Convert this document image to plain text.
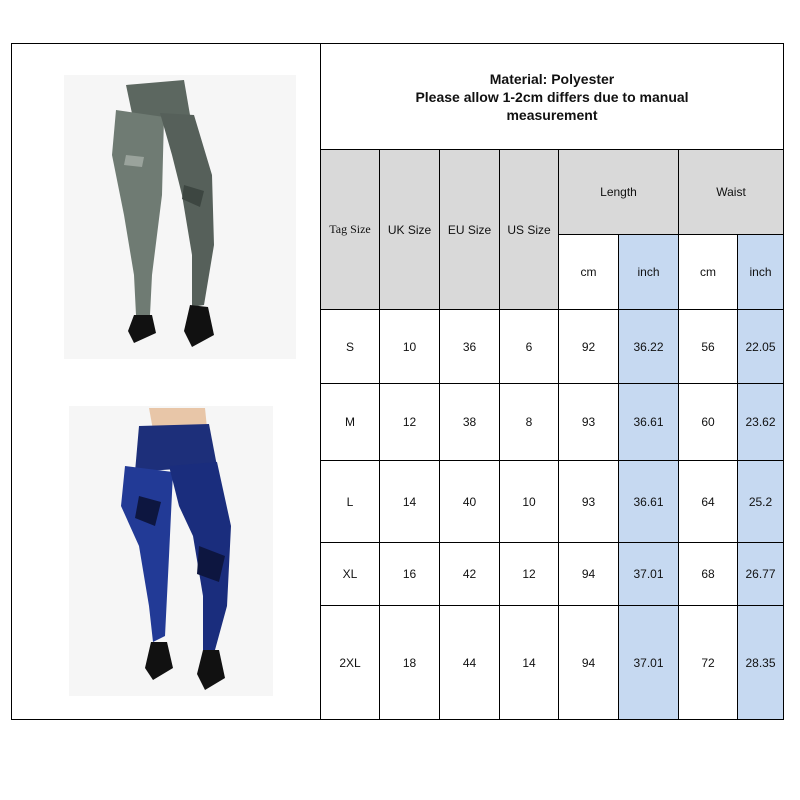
Material: Polyester
Please allow 1-2cm differs due to manual
measurement
Tag Size	UK Size	EU Size	US Size
Length	Waist
cm	inch	cm	inch
S	10	36	6	92	36.22	56	22.05
M	12	38	8	93	36.61	60	23.62
L	14	40	10	93	36.61	64	25.2
XL	16	42	12	94	37.01	68	26.77
2XL	18	44	14	94	37.01	72	28.35
